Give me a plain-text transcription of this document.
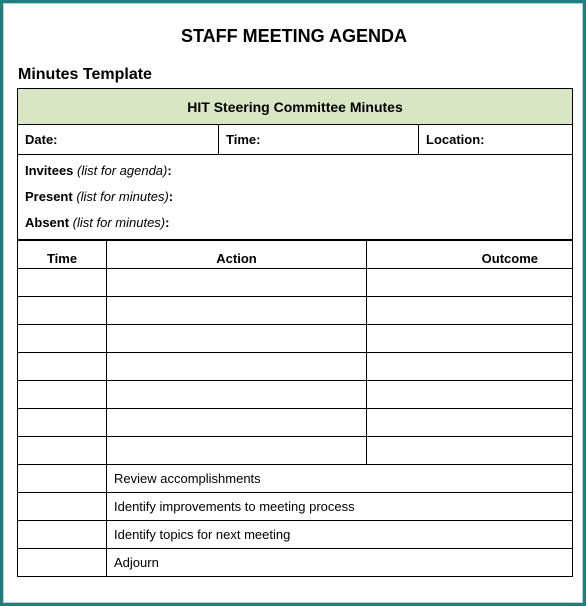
STAFF MEETING AGENDA
Minutes Template
HIT Steering Committee Minutes
Date:	Time:	Location:
Invitees (list for agenda):
Present (list for minutes):
Absent (list for minutes):
Time	Action	Outcome
Review accomplishments
Identify improvements to meeting process
Identify topics for next meeting
Adjourn
